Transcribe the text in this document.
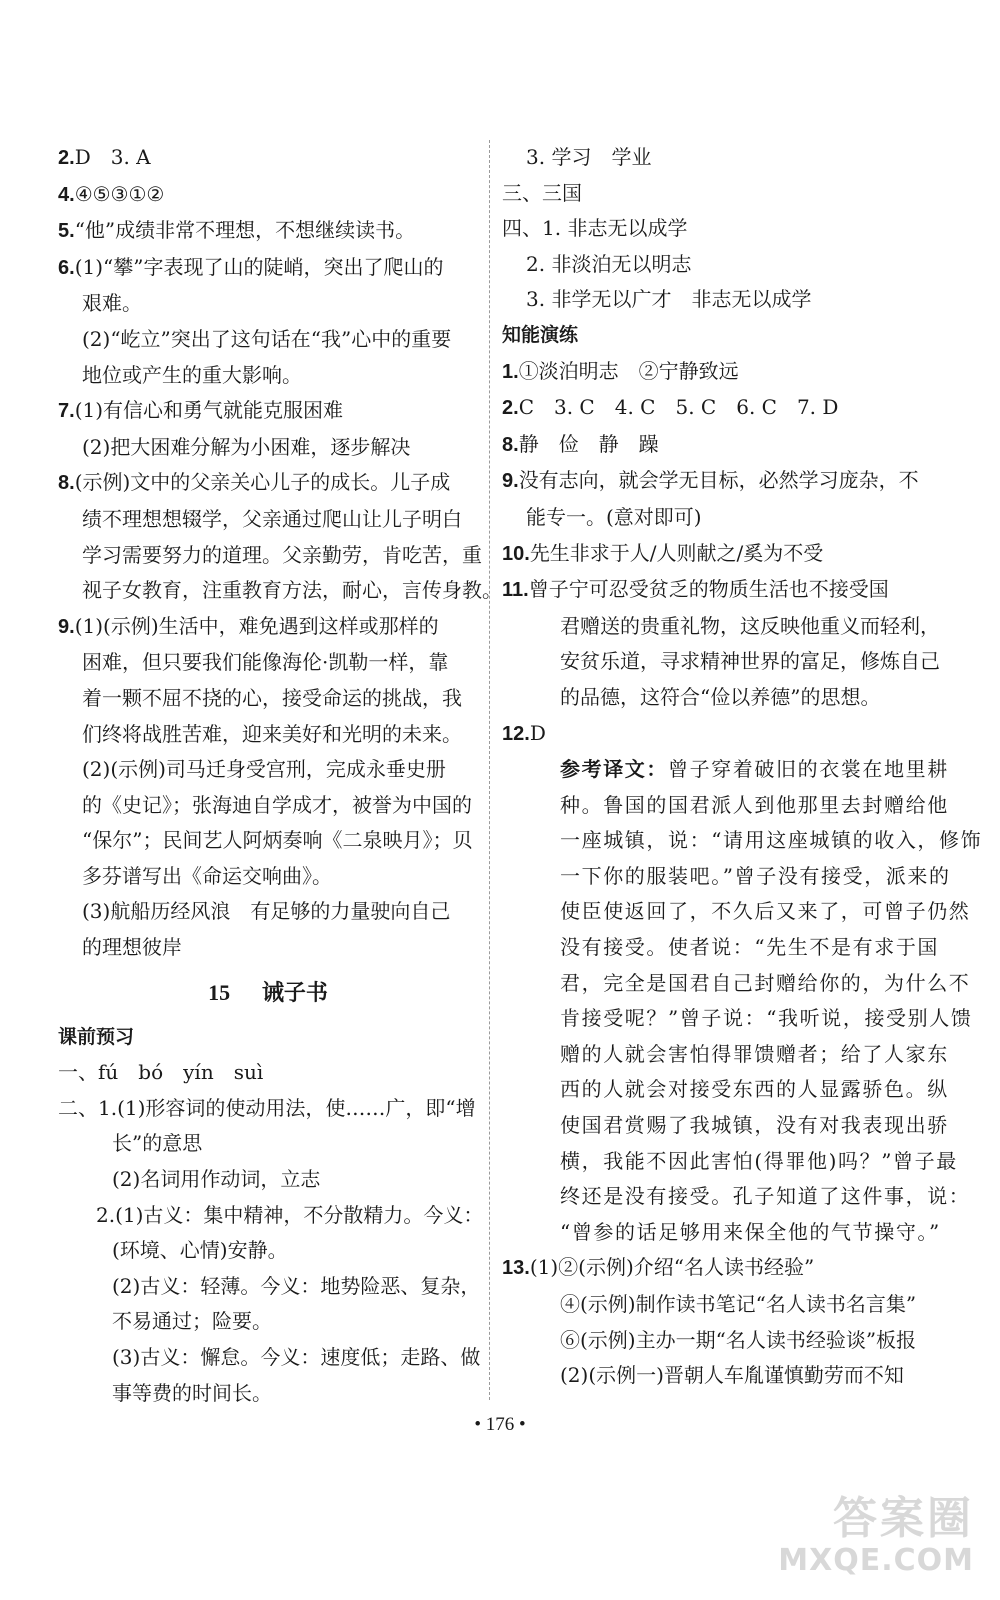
2.D　3. A
4.④⑤③①②
5.“他”成绩非常不理想，不想继续读书。
6.(1)“攀”字表现了山的陡峭，突出了爬山的
艰难。
(2)“屹立”突出了这句话在“我”心中的重要
地位或产生的重大影响。
7.(1)有信心和勇气就能克服困难
(2)把大困难分解为小困难，逐步解决
8.(示例)文中的父亲关心儿子的成长。儿子成
绩不理想想辍学，父亲通过爬山让儿子明白
学习需要努力的道理。父亲勤劳，肯吃苦，重
视子女教育，注重教育方法，耐心，言传身教。
9.(1)(示例)生活中，难免遇到这样或那样的
困难，但只要我们能像海伦·凯勒一样，靠
着一颗不屈不挠的心，接受命运的挑战，我
们终将战胜苦难，迎来美好和光明的未来。
(2)(示例)司马迁身受宫刑，完成永垂史册
的《史记》；张海迪自学成才，被誉为中国的
“保尔”；民间艺人阿炳奏响《二泉映月》；贝
多芬谱写出《命运交响曲》。
(3)航船历经风浪　有足够的力量驶向自己
的理想彼岸
15 诫子书
课前预习
一、fú　bó　yín　suì
二、1.(1)形容词的使动用法，使……广，即“增
长”的意思
(2)名词用作动词，立志
2.(1)古义：集中精神，不分散精力。今义：
(环境、心情)安静。
(2)古义：轻薄。今义：地势险恶、复杂，
不易通过；险要。
(3)古义：懈怠。今义：速度低；走路、做
事等费的时间长。
3. 学习　学业
三、三国
四、1. 非志无以成学
2. 非淡泊无以明志
3. 非学无以广才　非志无以成学
知能演练
1.①淡泊明志　②宁静致远
2.C　3. C　4. C　5. C　6. C　7. D
8.静　俭　静　躁
9.没有志向，就会学无目标，必然学习庞杂，不
能专一。(意对即可)
10.先生非求于人/人则献之/奚为不受
11.曾子宁可忍受贫乏的物质生活也不接受国
君赠送的贵重礼物，这反映他重义而轻利，
安贫乐道，寻求精神世界的富足，修炼自己
的品德，这符合“俭以养德”的思想。
12.D
参考译文：曾子穿着破旧的衣裳在地里耕
种。鲁国的国君派人到他那里去封赠给他
一座城镇，说：“请用这座城镇的收入，修饰
一下你的服装吧。”曾子没有接受，派来的
使臣使返回了，不久后又来了，可曾子仍然
没有接受。使者说：“先生不是有求于国
君，完全是国君自己封赠给你的，为什么不
肯接受呢？”曾子说：“我听说，接受别人馈
赠的人就会害怕得罪馈赠者；给了人家东
西的人就会对接受东西的人显露骄色。纵
使国君赏赐了我城镇，没有对我表现出骄
横，我能不因此害怕(得罪他)吗？”曾子最
终还是没有接受。孔子知道了这件事，说：
“曾参的话足够用来保全他的气节操守。”
13.(1)②(示例)介绍“名人读书经验”
④(示例)制作读书笔记“名人读书名言集”
⑥(示例)主办一期“名人读书经验谈”板报
(2)(示例一)晋朝人车胤谨慎勤劳而不知
• 176 •
答案圈
MXQE.COM
